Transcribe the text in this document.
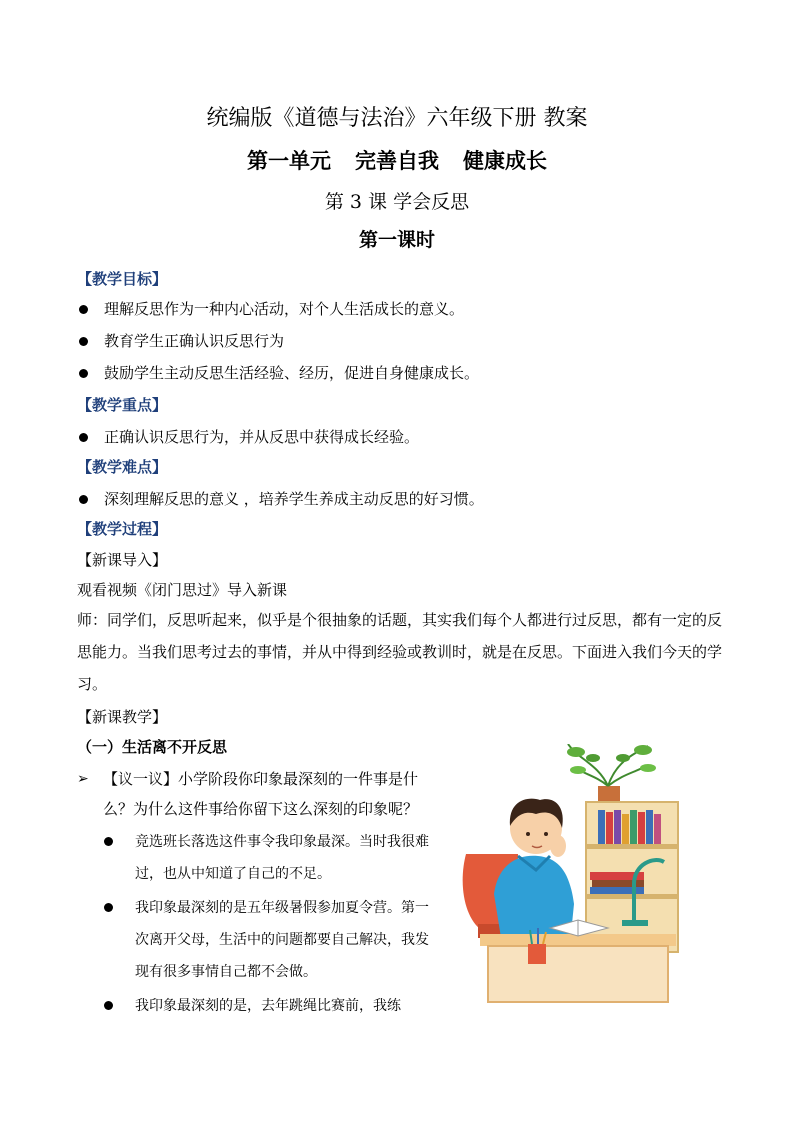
统编版《道德与法治》六年级下册 教案
第一单元 完善自我 健康成长
第 3 课 学会反思
第一课时
【教学目标】
理解反思作为一种内心活动，对个人生活成长的意义。
教育学生正确认识反思行为
鼓励学生主动反思生活经验、经历，促进自身健康成长。
【教学重点】
正确认识反思行为，并从反思中获得成长经验。
【教学难点】
深刻理解反思的意义 ，培养学生养成主动反思的好习惯。
【教学过程】
【新课导入】
观看视频《闭门思过》导入新课
师：同学们，反思听起来，似乎是个很抽象的话题，其实我们每个人都进行过反思，都有一定的反思能力。当我们思考过去的事情，并从中得到经验或教训时，就是在反思。下面进入我们今天的学习。
【新课教学】
（一）生活离不开反思
➢ 【议一议】小学阶段你印象最深刻的一件事是什
么？为什么这件事给你留下这么深刻的印象呢？
竞选班长落选这件事令我印象最深。当时我很难过，也从中知道了自己的不足。
我印象最深刻的是五年级暑假参加夏令营。第一次离开父母，生活中的问题都要自己解决，我发现有很多事情自己都不会做。
我印象最深刻的是，去年跳绳比赛前，我练
